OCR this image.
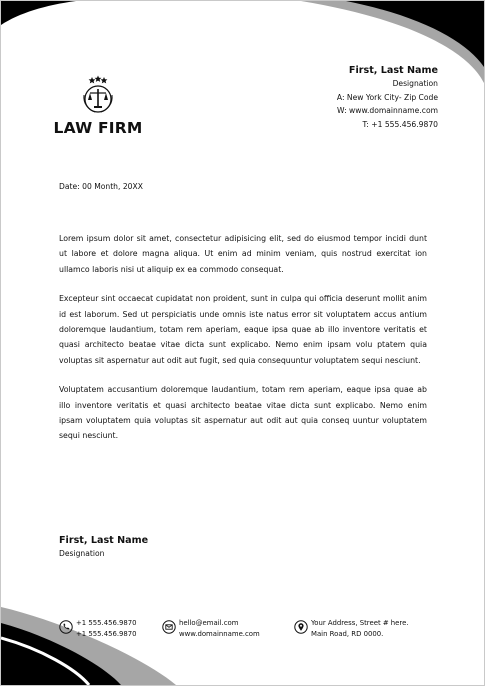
LAW FIRM
First, Last Name
Designation
A: New York City- Zip Code
W: www.domainname.com
T: +1 555.456.9870
Date: 00 Month, 20XX

Lorem ipsum dolor sit amet, consectetur adipisicing elit, sed do eiusmod tempor incidi dunt ut labore et dolore magna aliqua. Ut enim ad minim veniam, quis nostrud exercitat ion ullamco laboris nisi ut aliquip ex ea commodo consequat.

Excepteur sint occaecat cupidatat non proident, sunt in culpa qui officia deserunt mollit anim id est laborum. Sed ut perspiciatis unde omnis iste natus error sit voluptatem accus antium doloremque laudantium, totam rem aperiam, eaque ipsa quae ab illo inventore veritatis et quasi architecto beatae vitae dicta sunt explicabo. Nemo enim ipsam volu ptatem quia voluptas sit aspernatur aut odit aut fugit, sed quia consequuntur voluptatem sequi nesciunt.

Voluptatem accusantium doloremque laudantium, totam rem aperiam, eaque ipsa quae ab illo inventore veritatis et quasi architecto beatae vitae dicta sunt explicabo. Nemo enim ipsam voluptatem quia voluptas sit aspernatur aut odit aut quia conseq uuntur voluptatem sequi nesciunt.

First, Last Name
Designation
+1 555.456.9870
+1 555.456.9870
hello@email.com
www.domainname.com
Your Address, Street # here.
Main Road, RD 0000.
